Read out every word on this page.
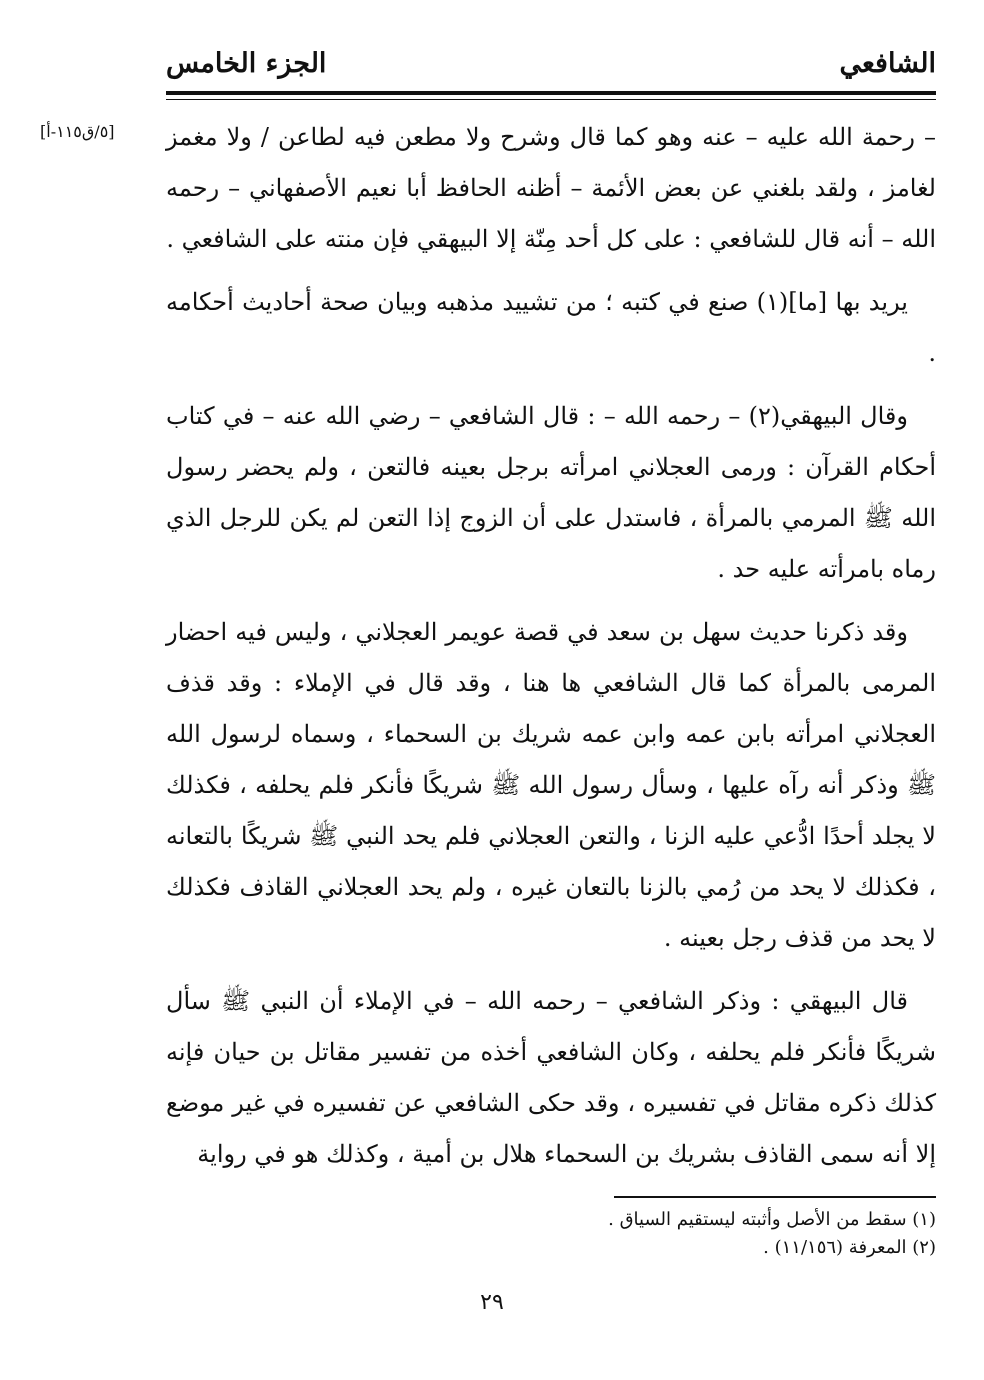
الشافعي
الجزء الخامس
[٥/ق١١٥-أ] – رحمة الله عليه – عنه وهو كما قال وشرح ولا مطعن فيه لطاعن / ولا مغمز لغامز ، ولقد بلغني عن بعض الأئمة – أظنه الحافظ أبا نعيم الأصفهاني – رحمه الله – أنه قال للشافعي : على كل أحد مِنّة إلا البيهقي فإن منته على الشافعي .

يريد بها [ما](١) صنع في كتبه ؛ من تشييد مذهبه وبيان صحة أحاديث أحكامه .

وقال البيهقي(٢) – رحمه الله – : قال الشافعي – رضي الله عنه – في كتاب أحكام القرآن : ورمى العجلاني امرأته برجل بعينه فالتعن ، ولم يحضر رسول الله ﷺ المرمي بالمرأة ، فاستدل على أن الزوج إذا التعن لم يكن للرجل الذي رماه بامرأته عليه حد .

وقد ذكرنا حديث سهل بن سعد في قصة عويمر العجلاني ، وليس فيه احضار المرمى بالمرأة كما قال الشافعي ها هنا ، وقد قال في الإملاء : وقد قذف العجلاني امرأته بابن عمه وابن عمه شريك بن السحماء ، وسماه لرسول الله ﷺ وذكر أنه رآه عليها ، وسأل رسول الله ﷺ شريكًا فأنكر فلم يحلفه ، فكذلك لا يجلد أحدًا ادُّعي عليه الزنا ، والتعن العجلاني فلم يحد النبي ﷺ شريكًا بالتعانه ، فكذلك لا يحد من رُمي بالزنا بالتعان غيره ، ولم يحد العجلاني القاذف فكذلك لا يحد من قذف رجل بعينه .

قال البيهقي : وذكر الشافعي – رحمه الله – في الإملاء أن النبي ﷺ سأل شريكًا فأنكر فلم يحلفه ، وكان الشافعي أخذه من تفسير مقاتل بن حيان فإنه كذلك ذكره مقاتل في تفسيره ، وقد حكى الشافعي عن تفسيره في غير موضع إلا أنه سمى القاذف بشريك بن السحماء هلال بن أمية ، وكذلك هو في رواية

(١) سقط من الأصل وأثبته ليستقيم السياق .
(٢) المعرفة (١١/١٥٦) .
٢٩
